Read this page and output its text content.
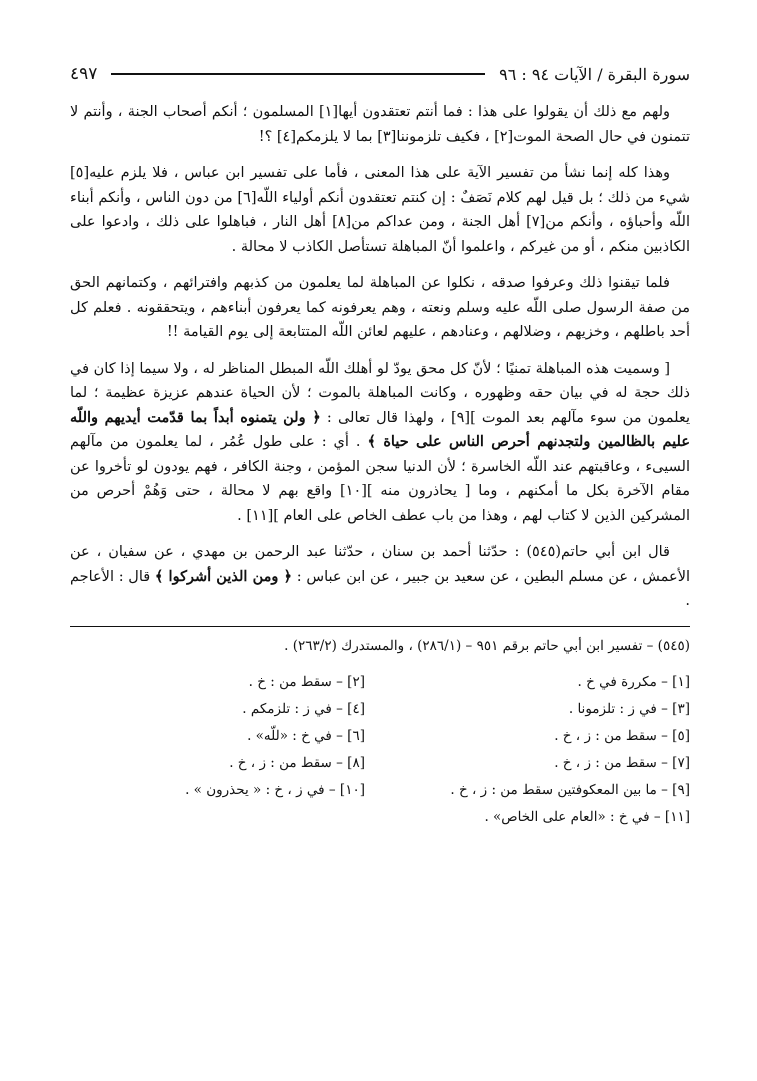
سورة البقرة / الآيات ٩٤ : ٩٦
٤٩٧

ولهم مع ذلك أن يقولوا على هذا : فما أنتم تعتقدون أيها[١] المسلمون ؛ أنكم أصحاب الجنة ، وأنتم لا تتمنون في حال الصحة الموت[٢] ، فكيف تلزموننا[٣] بما لا يلزمكم[٤] ؟!

وهذا كله إنما نشأ من تفسير الآية على هذا المعنى ، فأما على تفسير ابن عباس ، فلا يلزم عليه[٥] شيء من ذلك ؛ بل قيل لهم كلام نَصَفٌ : إن كنتم تعتقدون أنكم أولياء اللّه[٦] من دون الناس ، وأنكم أبناء اللّه وأحباؤه ، وأنكم من[٧] أهل الجنة ، ومن عداكم من[٨] أهل النار ، فباهلوا على ذلك ، وادعوا على الكاذبين منكم ، أو من غيركم ، واعلموا أنّ المباهلة تستأصل الكاذب لا محالة .

فلما تيقنوا ذلك وعرفوا صدقه ، نكلوا عن المباهلة لما يعلمون من كذبهم وافترائهم ، وكتمانهم الحق من صفة الرسول صلى اللّه عليه وسلم ونعته ، وهم يعرفونه كما يعرفون أبناءهم ، ويتحققونه . فعلم كل أحد باطلهم ، وخزيهم ، وضلالهم ، وعنادهم ، عليهم لعائن اللّه المتتابعة إلى يوم القيامة !!

[ وسميت هذه المباهلة تمنيًا ؛ لأنّ كل محق يودّ لو أهلك اللّه المبطل المناظر له ، ولا سيما إذا كان في ذلك حجة له في بيان حقه وظهوره ، وكانت المباهلة بالموت ؛ لأن الحياة عندهم عزيزة عظيمة ؛ لما يعلمون من سوء مآلهم بعد الموت ][٩] ، ولهذا قال تعالى : ﴿ ولن يتمنوه أبداً بما قدّمت أيديهم واللّه عليم بالظالمين ولتجدنهم أحرص الناس على حياة ﴾ . أي : على طول عُمُر ، لما يعلمون من مآلهم السيىء ، وعاقبتهم عند اللّه الخاسرة ؛ لأن الدنيا سجن المؤمن ، وجنة الكافر ، فهم يودون لو تأخروا عن مقام الآخرة بكل ما أمكنهم ، وما [ يحاذرون منه ][١٠] واقع بهم لا محالة ، حتى وَهُمْ أحرص من المشركين الذين لا كتاب لهم ، وهذا من باب عطف الخاص على العام ][١١] .

قال ابن أبي حاتم(٥٤٥) : حدّثنا أحمد بن سنان ، حدّثنا عبد الرحمن بن مهدي ، عن سفيان ، عن الأعمش ، عن مسلم البطين ، عن سعيد بن جبير ، عن ابن عباس : ﴿ ومن الذين أشركوا ﴾ قال : الأعاجم .

(٥٤٥) – تفسير ابن أبي حاتم برقم ٩٥١ – (٢٨٦/١) ، والمستدرك (٢٦٣/٢) .

[١] – مكررة في خ .
[٢] – سقط من : خ .
[٣] – في ز : تلزمونا .
[٤] – في ز : تلزمكم .
[٥] – سقط من : ز ، خ .
[٦] – في خ : «للّه» .
[٧] – سقط من : ز ، خ .
[٨] – سقط من : ز ، خ .
[٩] – ما بين المعكوفتين سقط من : ز ، خ .
[١٠] – في ز ، خ : « يحذرون » .
[١١] – في خ : «العام على الخاص» .
